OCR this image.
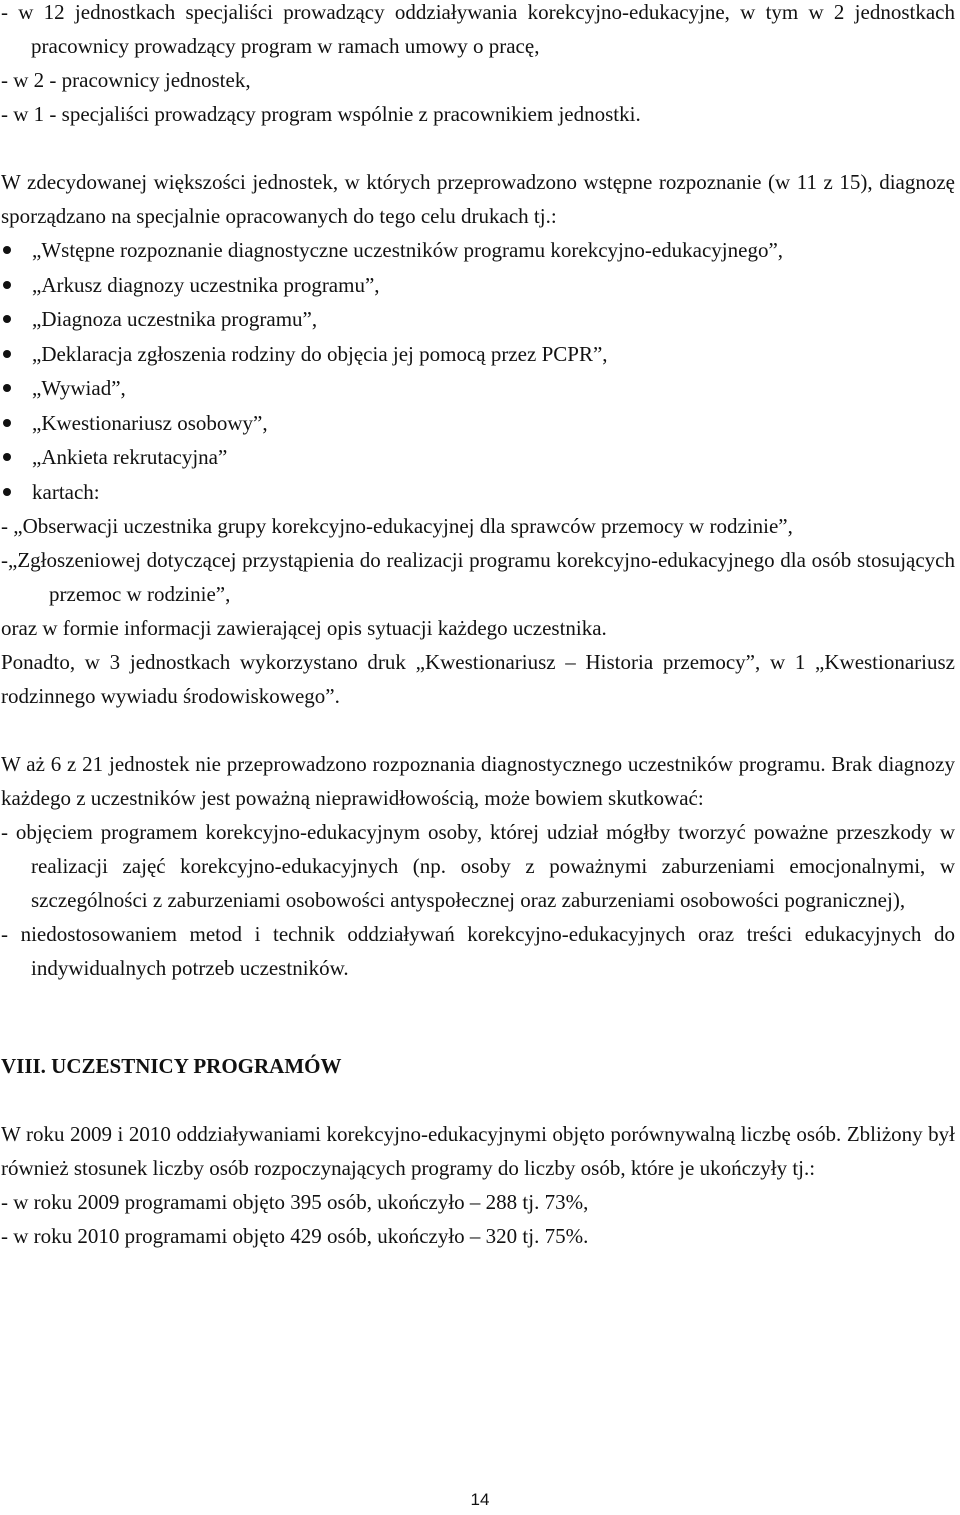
- w 12 jednostkach specjaliści prowadzący oddziaływania korekcyjno-edukacyjne, w tym w 2 jednostkach pracownicy prowadzący program w ramach umowy o pracę,

- w 2 - pracownicy jednostek,

- w 1 - specjaliści prowadzący program wspólnie z pracownikiem jednostki.

W zdecydowanej większości jednostek, w których przeprowadzono wstępne rozpoznanie (w 11 z 15), diagnozę sporządzano na specjalnie opracowanych do tego celu drukach tj.:

„Wstępne rozpoznanie diagnostyczne uczestników programu korekcyjno-edukacyjnego”,
„Arkusz diagnozy uczestnika programu”,
„Diagnoza uczestnika programu”,
„Deklaracja zgłoszenia rodziny do objęcia jej pomocą przez PCPR”,
„Wywiad”,
„Kwestionariusz osobowy”,
„Ankieta rekrutacyjna”
kartach:
- „Obserwacji uczestnika grupy korekcyjno-edukacyjnej dla sprawców przemocy w rodzinie”,
-„Zgłoszeniowej dotyczącej przystąpienia do realizacji programu korekcyjno-edukacyjnego dla osób stosujących przemoc w rodzinie”,

oraz w formie informacji zawierającej opis sytuacji każdego uczestnika.

Ponadto, w 3 jednostkach wykorzystano druk „Kwestionariusz – Historia przemocy”, w 1 „Kwestionariusz rodzinnego wywiadu środowiskowego”.

W aż 6 z 21 jednostek nie przeprowadzono rozpoznania diagnostycznego uczestników programu. Brak diagnozy każdego z uczestników jest poważną nieprawidłowością, może bowiem skutkować:

- objęciem programem korekcyjno-edukacyjnym osoby, której udział mógłby tworzyć poważne przeszkody w realizacji zajęć korekcyjno-edukacyjnych (np. osoby z poważnymi zaburzeniami emocjonalnymi, w szczególności z zaburzeniami osobowości antyspołecznej oraz zaburzeniami osobowości pogranicznej),
- niedostosowaniem metod i technik oddziaływań korekcyjno-edukacyjnych oraz treści edukacyjnych do indywidualnych potrzeb uczestników.
VIII. UCZESTNICY PROGRAMÓW

W roku 2009 i 2010 oddziaływaniami korekcyjno-edukacyjnymi objęto porównywalną liczbę osób. Zbliżony był również stosunek liczby osób rozpoczynających programy do liczby osób, które je ukończyły tj.:

- w roku 2009 programami objęto 395 osób, ukończyło – 288 tj. 73%,

- w roku 2010 programami objęto 429 osób, ukończyło – 320 tj. 75%.

14
